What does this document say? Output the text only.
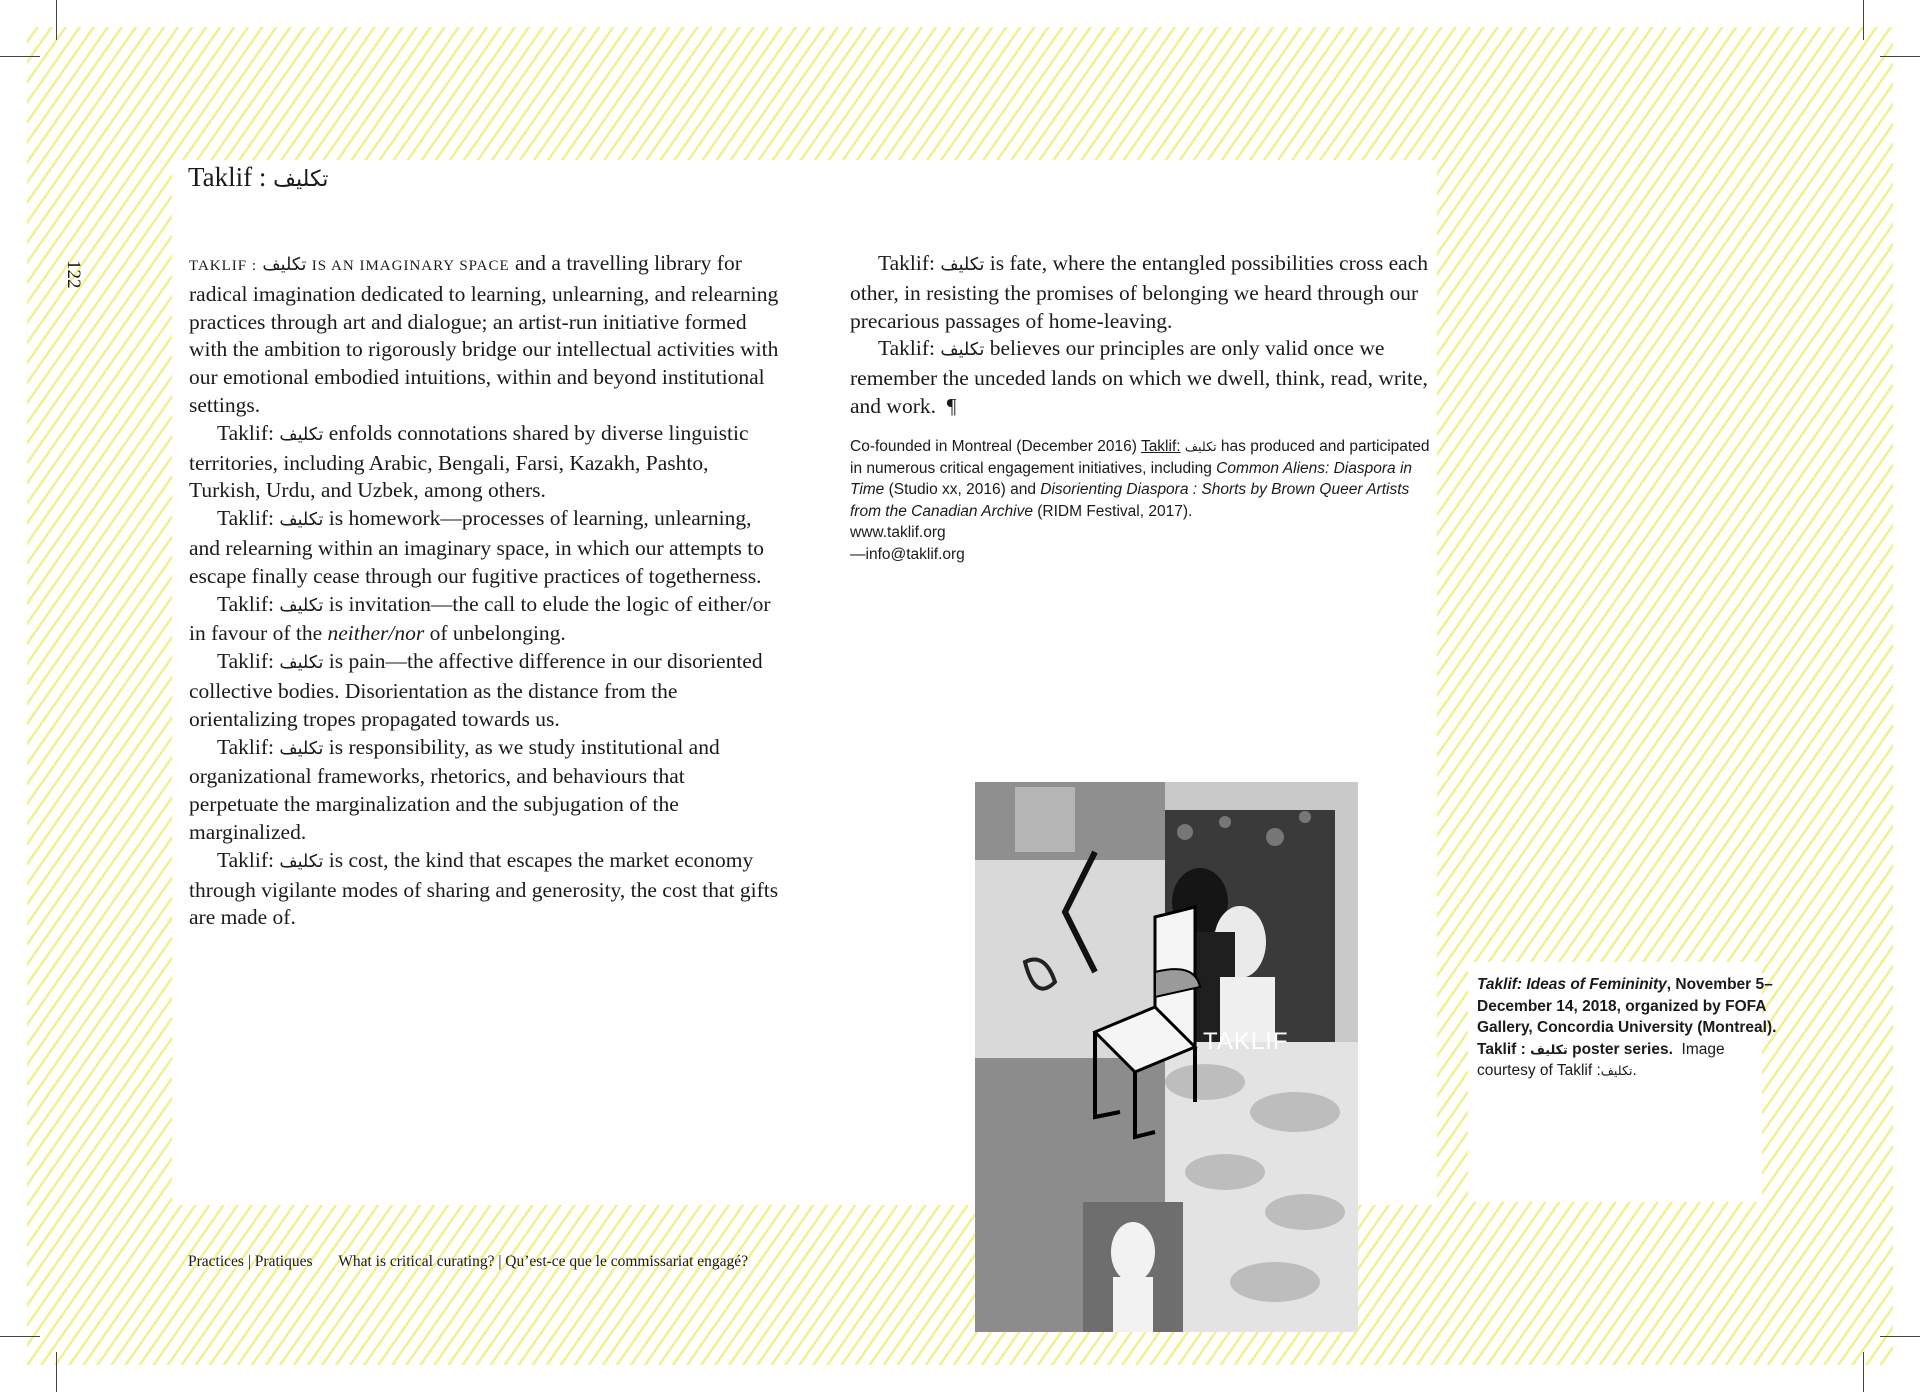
Taklif : تكليف
122	TAKLIF : تكليف IS AN IMAGINARY SPACE and a travelling library for radical imagination dedicated to learning, unlearning, and relearning practices through art and dialogue; an artist-run initiative formed with the ambition to rigorously bridge our intellectual activities with our emotional embodied intuitions, within and beyond institutional settings.

Taklif: تكليف enfolds connotations shared by diverse linguistic territories, including Arabic, Bengali, Farsi, Kazakh, Pashto, Turkish, Urdu, and Uzbek, among others.

Taklif: تكليف is homework—processes of learning, unlearning, and relearning within an imaginary space, in which our attempts to escape finally cease through our fugitive practices of togetherness.

Taklif: تكليف is invitation—the call to elude the logic of either/or in favour of the neither/nor of unbelonging.

Taklif: تكليف is pain—the affective difference in our disoriented collective bodies. Disorientation as the distance from the orientalizing tropes propagated towards us.

Taklif: تكليف is responsibility, as we study institutional and organizational frameworks, rhetorics, and behaviours that perpetuate the marginalization and the subjugation of the marginalized.

Taklif: تكليف is cost, the kind that escapes the market economy through vigilante modes of sharing and generosity, the cost that gifts are made of.

Taklif: تكليف is fate, where the entangled possibilities cross each other, in resisting the promises of belonging we heard through our precarious passages of home-leaving.

Taklif: تكليف believes our principles are only valid once we remember the unceded lands on which we dwell, think, read, write, and work. ¶

Co-founded in Montreal (December 2016) Taklif: تكليف has produced and participated in numerous critical engagement initiatives, including Common Aliens: Diaspora in Time (Studio xx, 2016) and Disorienting Diaspora : Shorts by Brown Queer Artists from the Canadian Archive (RIDM Festival, 2017).

www.taklif.org

—info@taklif.org

TAKLIF
Taklif: Ideas of Femininity, November 5–December 14, 2018, organized by FOFA Gallery, Concordia University (Montreal). Taklif : تكليف poster series. Image courtesy of Taklif :تكليف.
Practices | Pratiques What is critical curating? | Qu’est-ce que le commissariat engagé?
